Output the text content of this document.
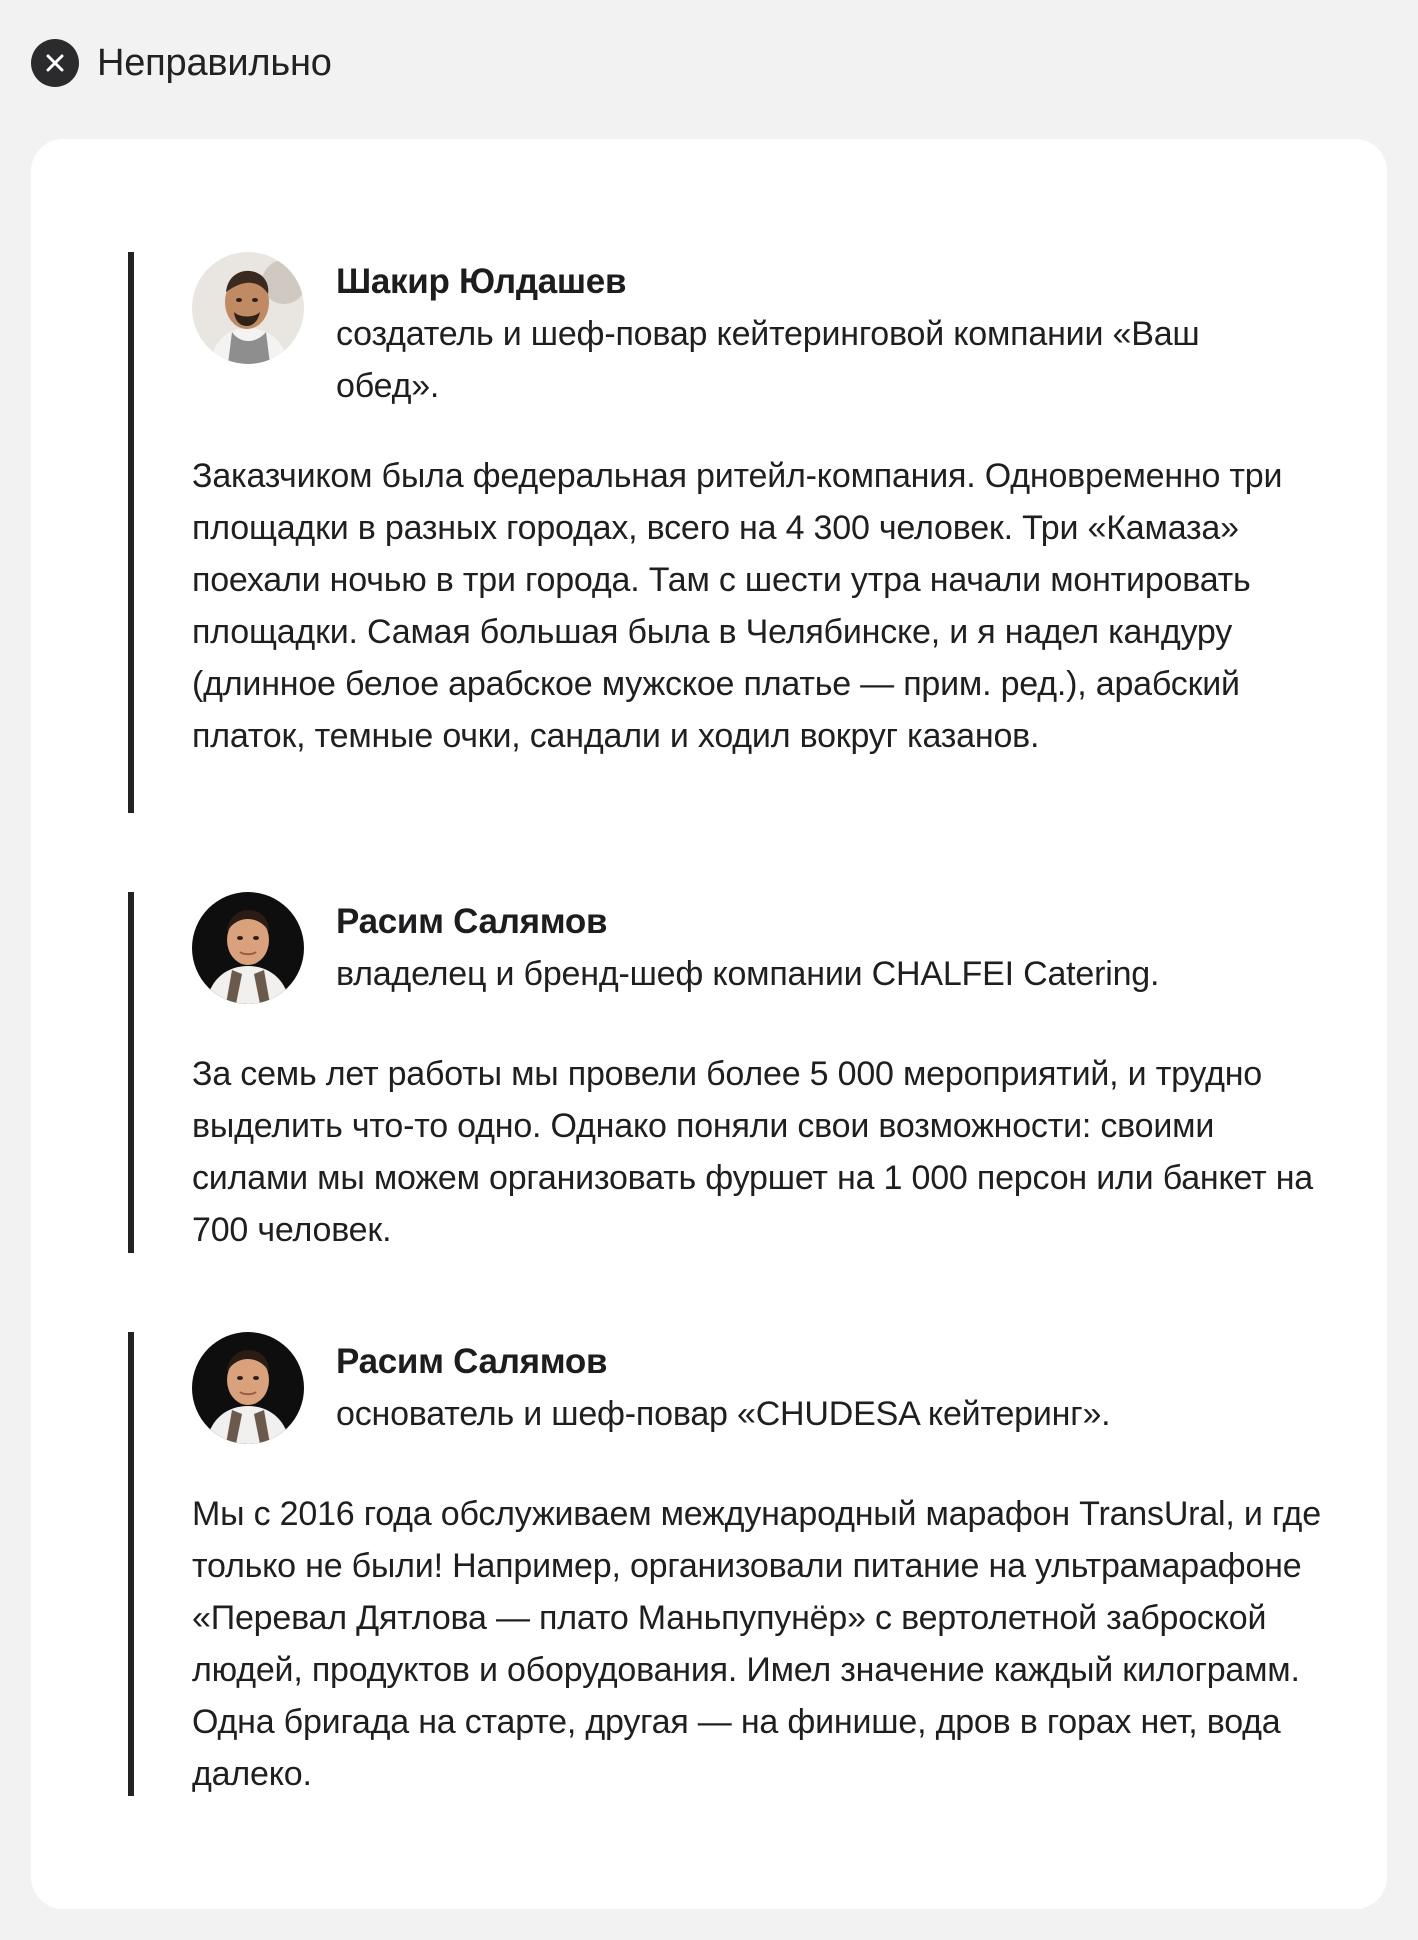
Неправильно
Шакир Юлдашев
создатель и шеф-повар кейтеринговой компании «Ваш обед».
Заказчиком была федеральная ритейл-компания. Одновременно три площадки в разных городах, всего на 4 300 человек. Три «Камаза» поехали ночью в три города. Там с шести утра начали монтировать площадки. Самая большая была в Челябинске, и я надел кандуру (длинное белое арабское мужское платье — прим. ред.), арабский платок, темные очки, сандали и ходил вокруг казанов.
Расим Салямов
владелец и бренд-шеф компании CHALFEI Catering.
За семь лет работы мы провели более 5 000 мероприятий, и трудно выделить что-то одно. Однако поняли свои возможности: своими силами мы можем организовать фуршет на 1 000 персон или банкет на 700 человек.
Расим Салямов
основатель и шеф-повар «CHUDESA кейтеринг».
Мы с 2016 года обслуживаем международный марафон TransUral, и где только не были! Например, организовали питание на ультрамарафоне «Перевал Дятлова — плато Маньпупунёр» с вертолетной заброской людей, продуктов и оборудования. Имел значение каждый килограмм. Одна бригада на старте, другая — на финише, дров в горах нет, вода далеко.
